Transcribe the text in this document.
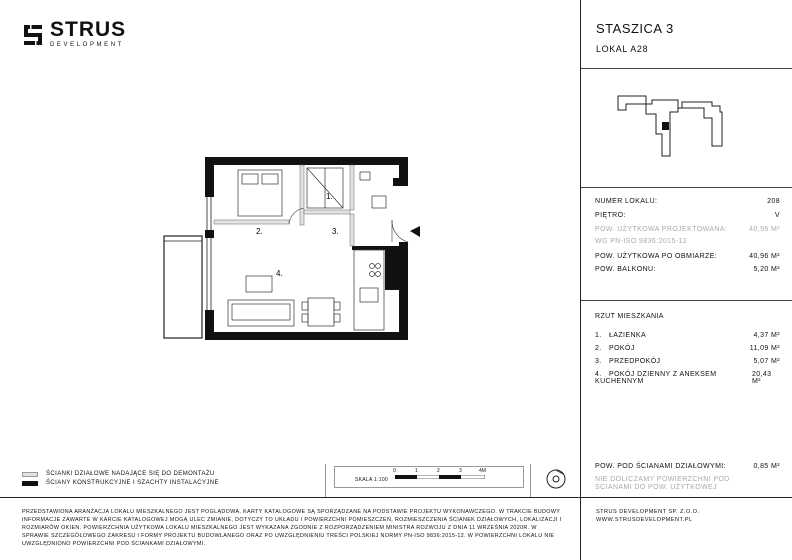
STRUS
DEVELOPMENT
1.
2.	3.
4.
STASZICA 3
LOKAL A28
NUMER LOKALU:	208
PIĘTRO:	V
POW. UŻYTKOWA PROJEKTOWANA:	40,96 M²
WG PN-ISO 9836:2015-12
POW. UŻYTKOWA PO OBMIARZE:	40,96 M²
POW. BALKONU:	5,20 M²
RZUT MIESZKANIA
1. ŁAZIENKA	4,37 M²
2. POKÓJ	11,09 M²
3. PRZEDPOKÓJ	5,07 M²
4. POKÓJ DZIENNY Z ANEKSEM KUCHENNYM
20,43 M²
POW. POD ŚCIANAMI DZIAŁOWYMI:	0,85 M²
NIE DOLICZAMY POWIERZCHNI POD
ŚCIANAMI DO POW. UŻYTKOWEJ
ŚCIANKI DZIAŁOWE NADAJĄCE SIĘ DO DEMONTAŻU
ŚCIANY KONSTRUKCYJNE I SZACHTY INSTALACYJNE	SKALA 1:100
0	1	2	3	4M
PRZEDSTAWIONA ARANŻACJA LOKALU MIESZKALNEGO JEST POGLĄDOWA. KARTY KATALOGOWE SĄ SPORZĄDZANE NA PODSTAWIE PROJEKTU WYKONAWCZEGO. W TRAKCIE BUDOWY INFORMACJE ZAWARTE W KARCIE KATALOGOWEJ MOGĄ ULEC ZMIANIE, DOTYCZY TO UKŁADU I POWIERZCHNI POMIESZCZEŃ, ROZMIESZCZENIA ŚCIANEK DZIAŁOWYCH, LOKALIZACJI I ROZMIARÓW OKIEN. POWIERZCHNIA UŻYTKOWA LOKALU MIESZKALNEGO JEST WYKAZANA ZGODNIE Z ROZPORZĄDZENIEM MINISTRA ROZWOJU Z DNIA 11 WRZEŚNIA 2020R. W SPRAWIE SZCZEGÓŁOWEGO ZAKRESU I FORMY PROJEKTU BUDOWLANEGO ORAZ PO UWZGLĘDNIENIU TREŚCI POLSKIEJ NORMY PN-ISO 9836:2015-12. W POWIERZCHNI LOKALU NIE UWZGLĘDNIONO POWIERZCHNI POD ŚCIANKAMI DZIAŁOWYMI.
STRUS DEVELOPMENT SP. Z.O.O.
WWW.STRUSDEVELOPMENT.PL
